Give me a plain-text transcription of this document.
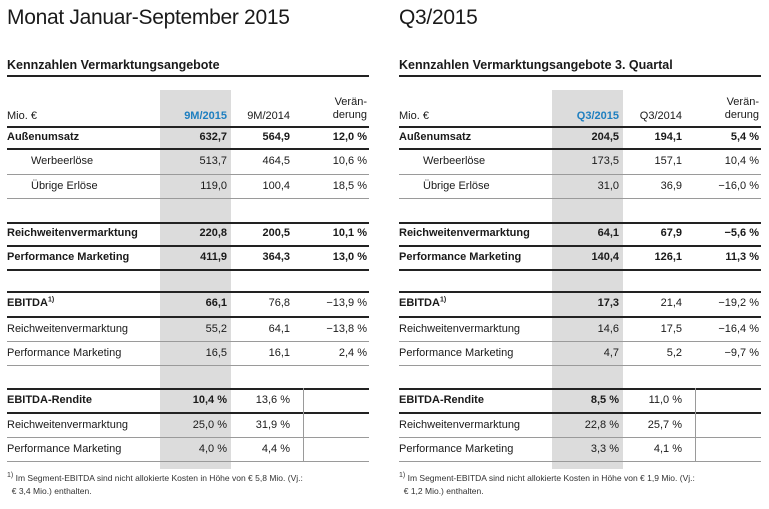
Monat Januar-September 2015
Kennzahlen Vermarktungsangebote
Mio. €	9M/2015 9M/2014
Verän-
derung
Außenumsatz	632,7	564,9	12,0 %
Werbeerlöse	513,7	464,5	10,6 %
Übrige Erlöse	119,0	100,4	18,5 %
Reichweitenvermarktung	220,8	200,5	10,1 %
Performance Marketing	411,9	364,3	13,0 %
EBITDA$^{1)}$	66,1	76,8	−13,9 %
Reichweitenvermarktung	55,2	64,1	−13,8 %
Performance Marketing	16,5	16,1	2,4 %
EBITDA-Rendite	10,4 %	13,6 %
Reichweitenvermarktung	25,0 %	31,9 %
Performance Marketing	4,0 %	4,4 %
$^{1)}$ Im Segment-EBITDA sind nicht allokierte Kosten in Höhe von € 5,8 Mio. (Vj.:
€ 3,4 Mio.) enthalten.
Q3/2015
Kennzahlen Vermarktungsangebote 3. Quartal
Mio. €	Q3/2015 Q3/2014
Verän-
derung
Außenumsatz	204,5	194,1	5,4 %
Werbeerlöse	173,5	157,1	10,4 %
Übrige Erlöse	31,0	36,9	−16,0 %
Reichweitenvermarktung	64,1	67,9	−5,6 %
Performance Marketing	140,4	126,1	11,3 %
EBITDA$^{1)}$	17,3	21,4	−19,2 %
Reichweitenvermarktung	14,6	17,5	−16,4 %
Performance Marketing	4,7	5,2	−9,7 %
EBITDA-Rendite	8,5 %	11,0 %
Reichweitenvermarktung	22,8 %	25,7 %
Performance Marketing	3,3 %	4,1 %
$^{1)}$ Im Segment-EBITDA sind nicht allokierte Kosten in Höhe von € 1,9 Mio. (Vj.:
€ 1,2 Mio.) enthalten.
